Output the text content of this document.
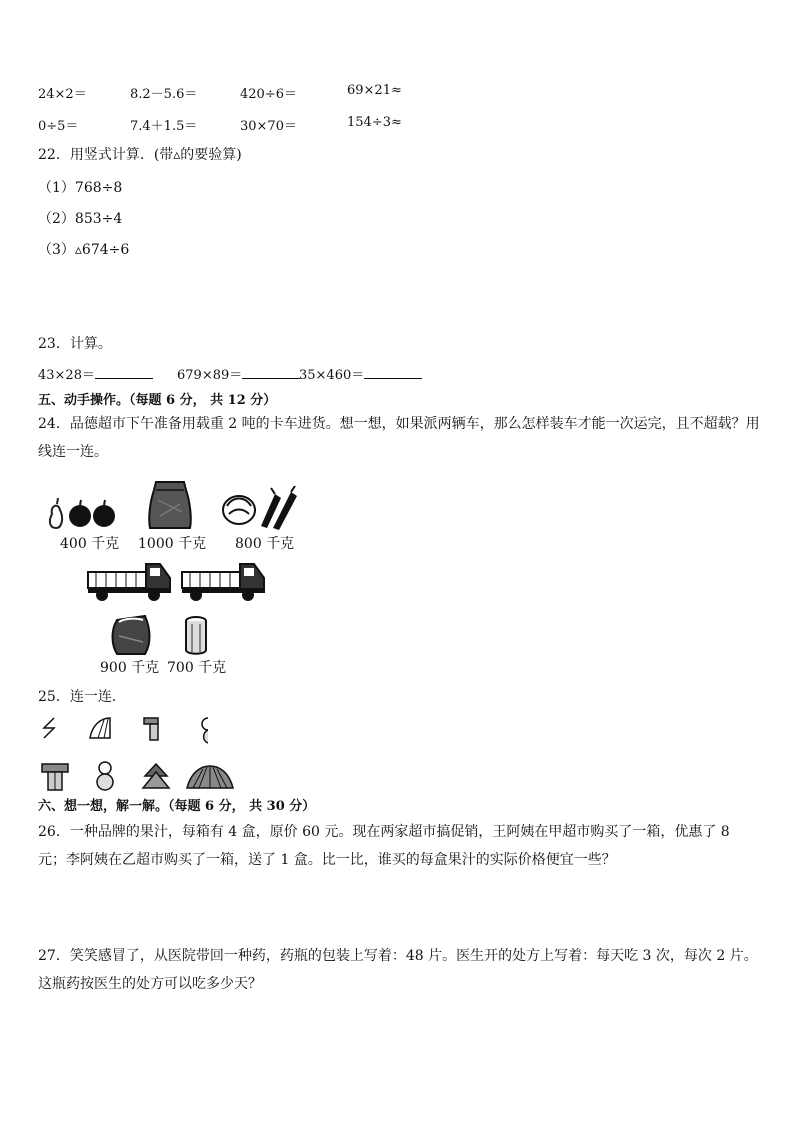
24×2＝	8.2－5.6＝	420÷6＝	69×21≈
0÷5＝	7.4＋1.5＝	30×70＝	154÷3≈
22．用竖式计算．(带▵的要验算)
（1）768÷8
（2）853÷4
（3）▵674÷6
23．计算。
43×28＝	679×89＝	35×460＝
五、动手操作。（每题 6 分， 共 12 分）
24．品德超市下午准备用载重 2 吨的卡车进货。想一想，如果派两辆车，那么怎样装车才能一次运完，且不超载？用线连一连。
400 千克 1000 千克 800 千克
900 千克 700 千克
25．连一连．
六、想一想，解一解。（每题 6 分， 共 30 分）
26．一种品牌的果汁，每箱有 4 盒，原价 60 元。现在两家超市搞促销，王阿姨在甲超市购买了一箱，优惠了 8 元；李阿姨在乙超市购买了一箱，送了 1 盒。比一比，谁买的每盒果汁的实际价格便宜一些？
27．笑笑感冒了，从医院带回一种药，药瓶的包装上写着：48 片。医生开的处方上写着：每天吃 3 次，每次 2 片。这瓶药按医生的处方可以吃多少天？
